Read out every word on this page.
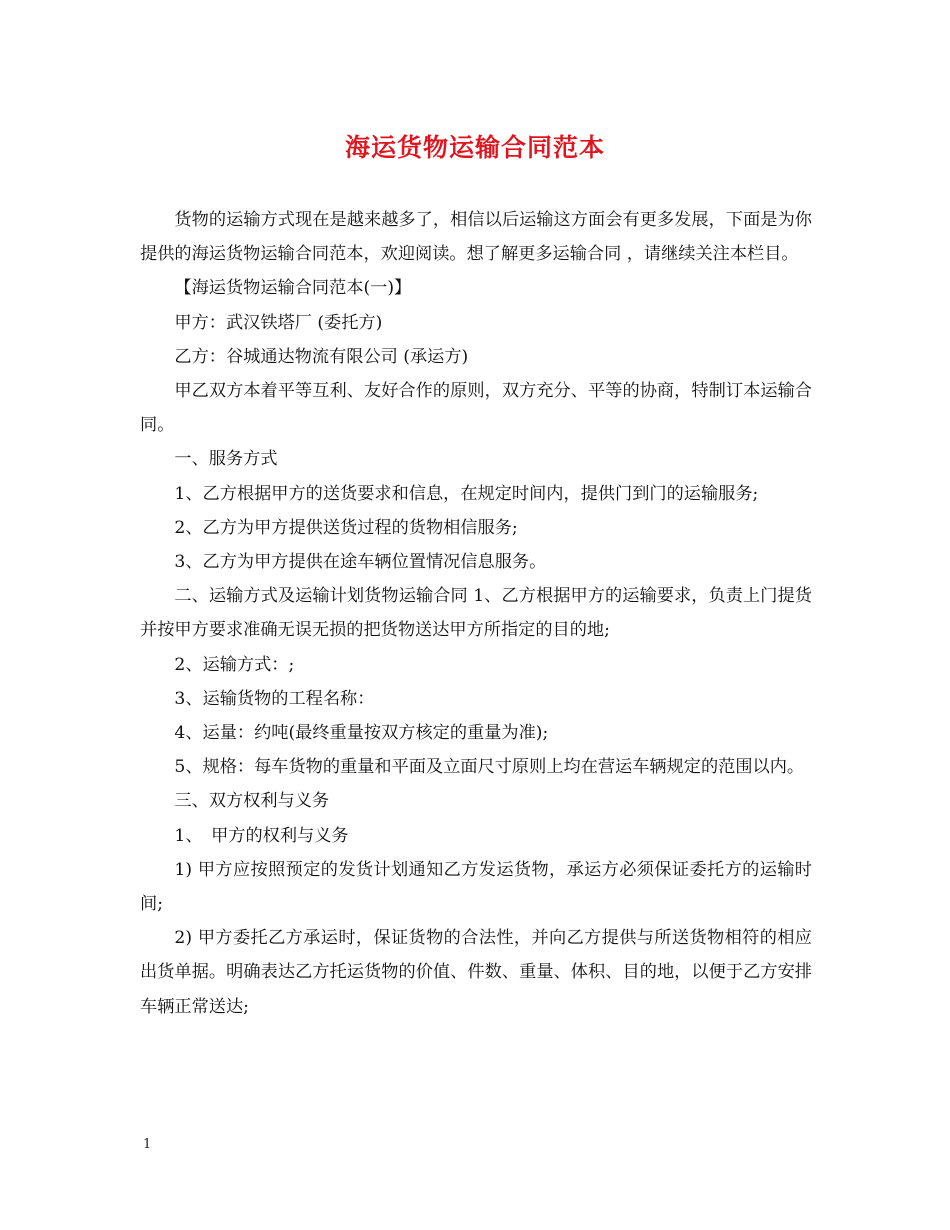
海运货物运输合同范本

货物的运输方式现在是越来越多了，相信以后运输这方面会有更多发展，下面是为你提供的海运货物运输合同范本，欢迎阅读。想了解更多运输合同 ，请继续关注本栏目。

【海运货物运输合同范本(一)】

甲方：武汉铁塔厂 (委托方)

乙方：谷城通达物流有限公司 (承运方)

甲乙双方本着平等互利、友好合作的原则，双方充分、平等的协商，特制订本运输合同。

一、服务方式

1、乙方根据甲方的送货要求和信息，在规定时间内，提供门到门的运输服务;

2、乙方为甲方提供送货过程的货物相信服务;

3、乙方为甲方提供在途车辆位置情况信息服务。

二、运输方式及运输计划货物运输合同 1、乙方根据甲方的运输要求，负责上门提货并按甲方要求准确无误无损的把货物送达甲方所指定的目的地;

2、运输方式：;

3、运输货物的工程名称：

4、运量：约吨(最终重量按双方核定的重量为准);

5、规格：每车货物的重量和平面及立面尺寸原则上均在营运车辆规定的范围以内。

三、双方权利与义务

1、　甲方的权利与义务

1) 甲方应按照预定的发货计划通知乙方发运货物，承运方必须保证委托方的运输时间;

2) 甲方委托乙方承运时，保证货物的合法性，并向乙方提供与所送货物相符的相应出货单据。明确表达乙方托运货物的价值、件数、重量、体积、目的地，以便于乙方安排车辆正常送达;

1
